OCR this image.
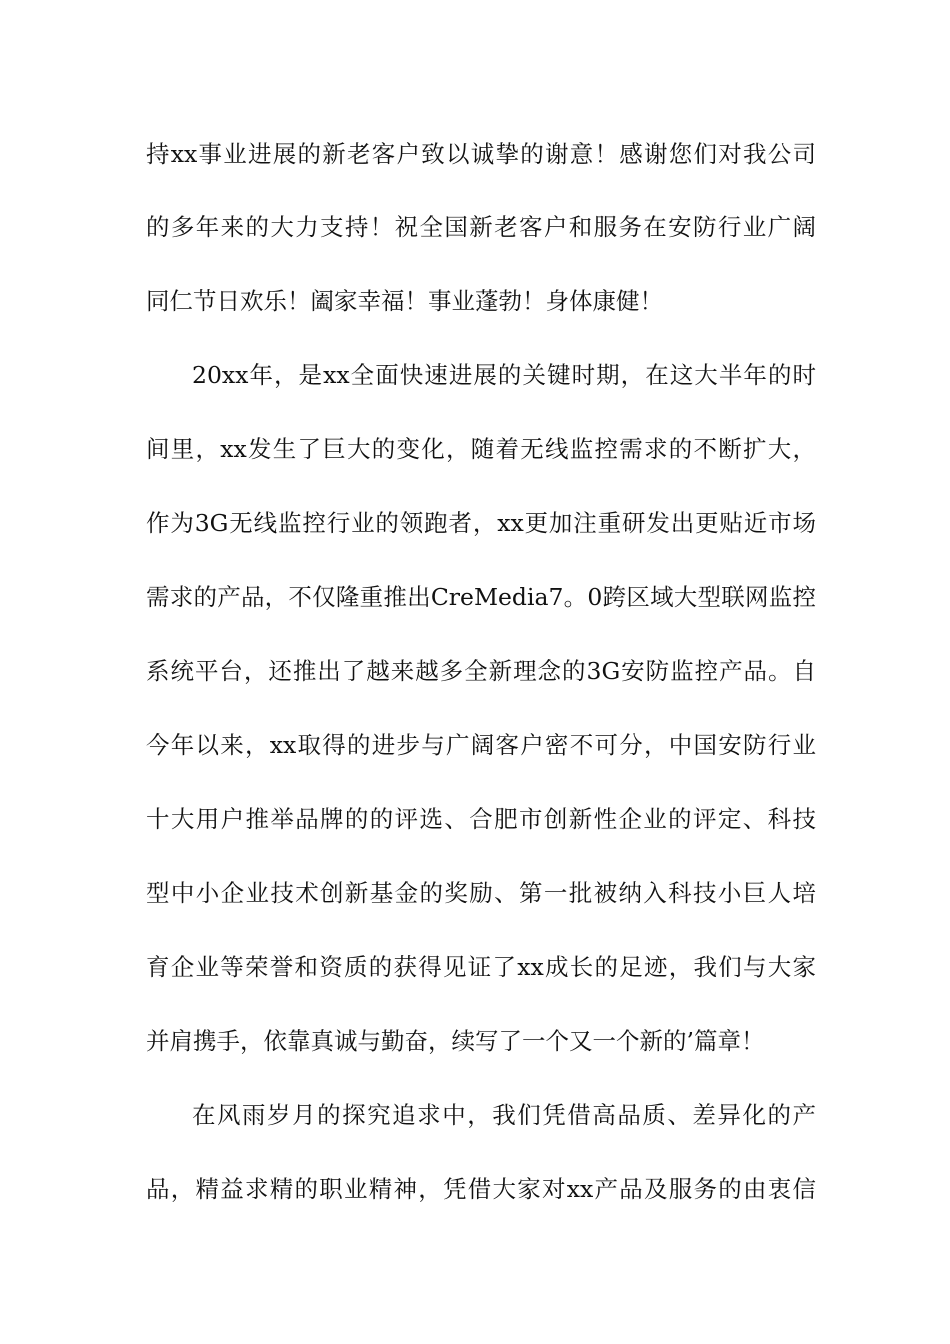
持xx事业进展的新老客户致以诚挚的谢意！感谢您们对我公司
的多年来的大力支持！祝全国新老客户和服务在安防行业广阔
同仁节日欢乐！阖家幸福！事业蓬勃！身体康健！
20xx年，是xx全面快速进展的关键时期，在这大半年的时
间里，xx发生了巨大的变化，随着无线监控需求的不断扩大，
作为3G无线监控行业的领跑者，xx更加注重研发出更贴近市场
需求的产品，不仅隆重推出CreMedia7。0跨区域大型联网监控
系统平台，还推出了越来越多全新理念的3G安防监控产品。自
今年以来，xx取得的进步与广阔客户密不可分，中国安防行业
十大用户推举品牌的的评选、合肥市创新性企业的评定、科技
型中小企业技术创新基金的奖励、第一批被纳入科技小巨人培
育企业等荣誉和资质的获得见证了xx成长的足迹，我们与大家
并肩携手，依靠真诚与勤奋，续写了一个又一个新的’篇章！
在风雨岁月的探究追求中，我们凭借高品质、差异化的产
品，精益求精的职业精神，凭借大家对xx产品及服务的由衷信
